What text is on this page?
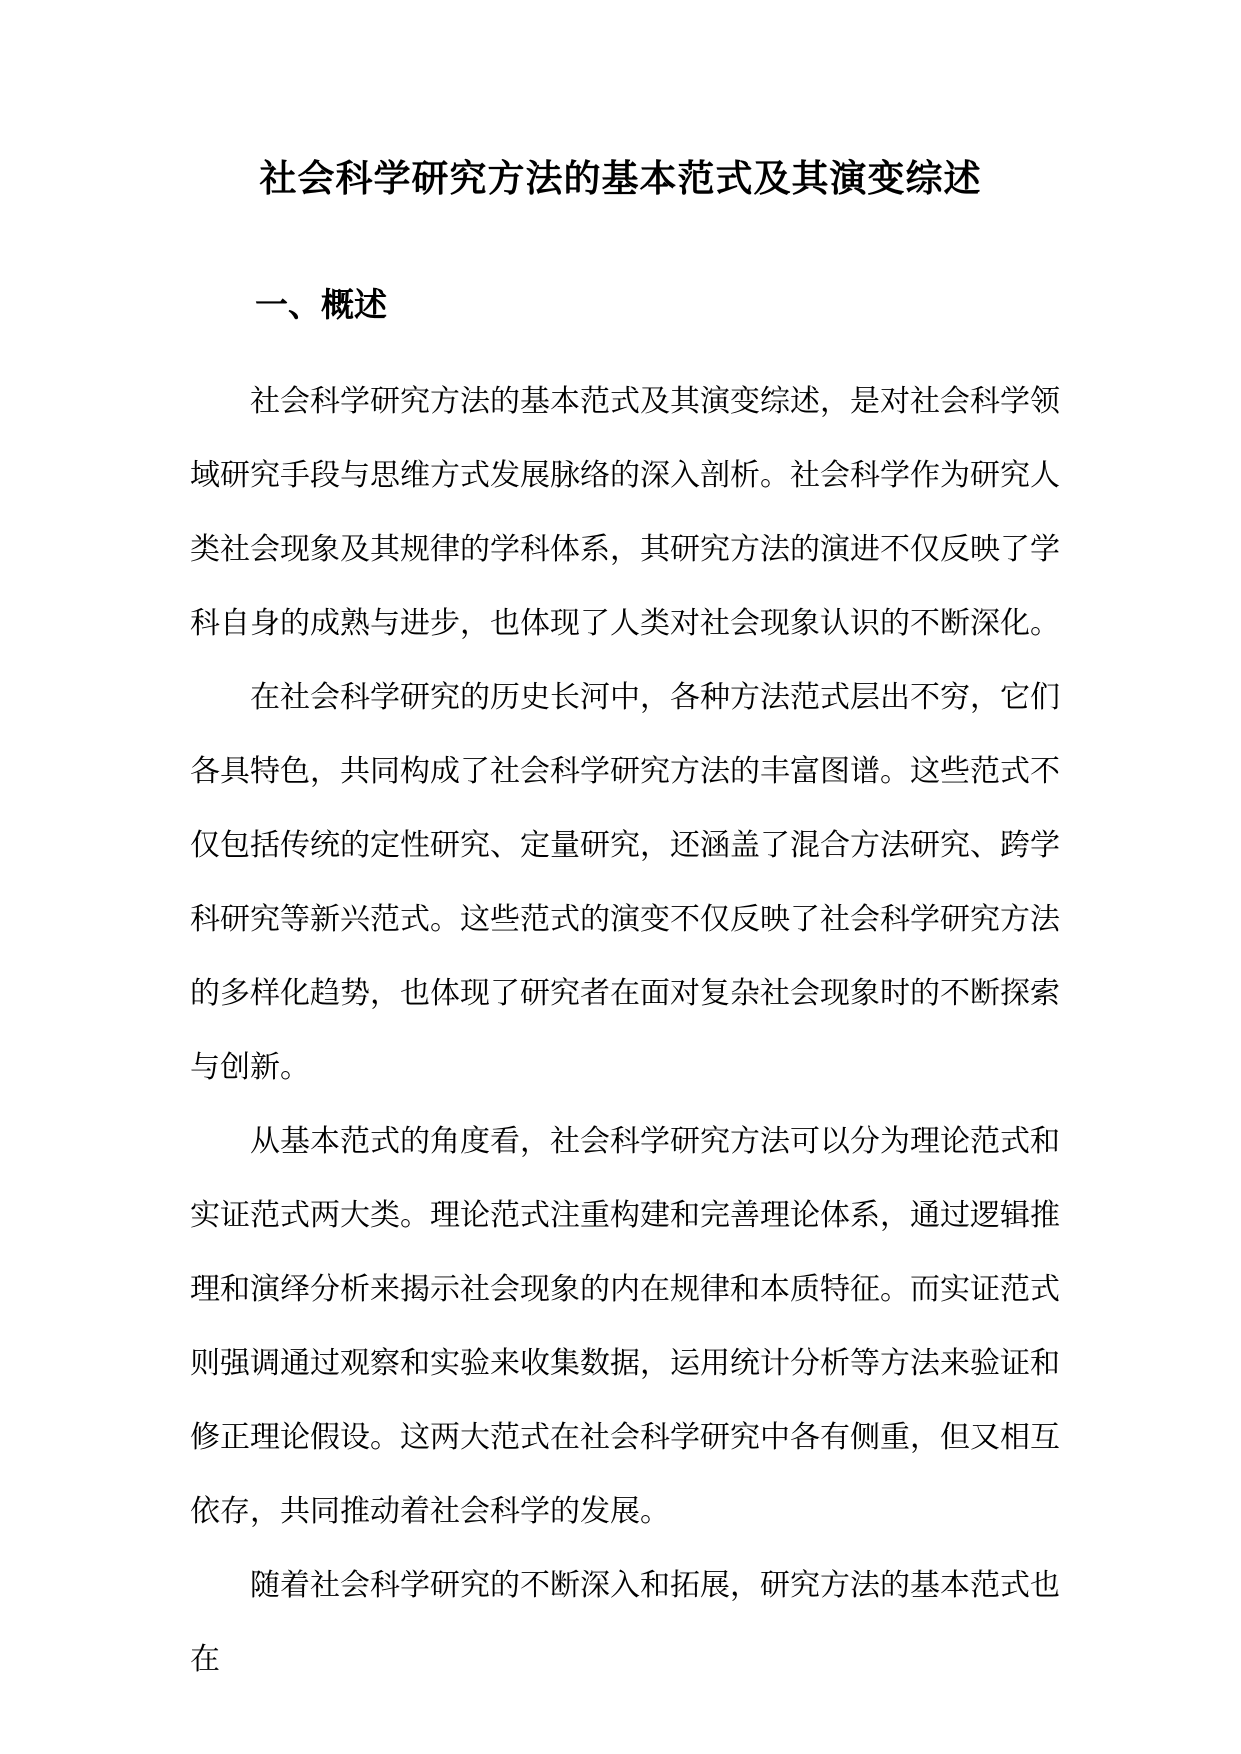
社会科学研究方法的基本范式及其演变综述
一、概述

社会科学研究方法的基本范式及其演变综述，是对社会科学领域研究手段与思维方式发展脉络的深入剖析。社会科学作为研究人类社会现象及其规律的学科体系，其研究方法的演进不仅反映了学科自身的成熟与进步，也体现了人类对社会现象认识的不断深化。

在社会科学研究的历史长河中，各种方法范式层出不穷，它们各具特色，共同构成了社会科学研究方法的丰富图谱。这些范式不仅包括传统的定性研究、定量研究，还涵盖了混合方法研究、跨学科研究等新兴范式。这些范式的演变不仅反映了社会科学研究方法的多样化趋势，也体现了研究者在面对复杂社会现象时的不断探索与创新。

从基本范式的角度看，社会科学研究方法可以分为理论范式和实证范式两大类。理论范式注重构建和完善理论体系，通过逻辑推理和演绎分析来揭示社会现象的内在规律和本质特征。而实证范式则强调通过观察和实验来收集数据，运用统计分析等方法来验证和修正理论假设。这两大范式在社会科学研究中各有侧重，但又相互依存，共同推动着社会科学的发展。

随着社会科学研究的不断深入和拓展，研究方法的基本范式也在
